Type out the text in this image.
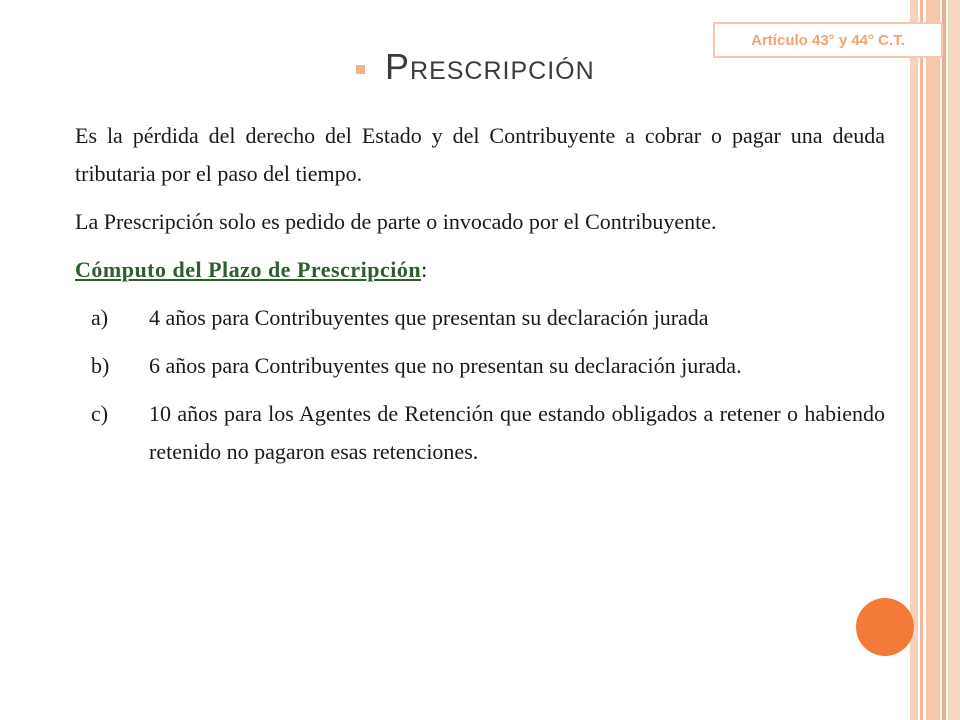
Artículo 43° y 44° C.T.
Prescripción

Es la pérdida del derecho del Estado y del Contribuyente a cobrar o pagar una deuda tributaria por el paso del tiempo.

La Prescripción solo es pedido de parte o invocado por el Contribuyente.

Cómputo del Plazo de Prescripción:

a)	4 años para Contribuyentes que presentan su declaración jurada
b)	6 años para Contribuyentes que no presentan su declaración jurada.
c)	10 años para los Agentes de Retención que estando obligados a retener o habiendo retenido no pagaron esas retenciones.
